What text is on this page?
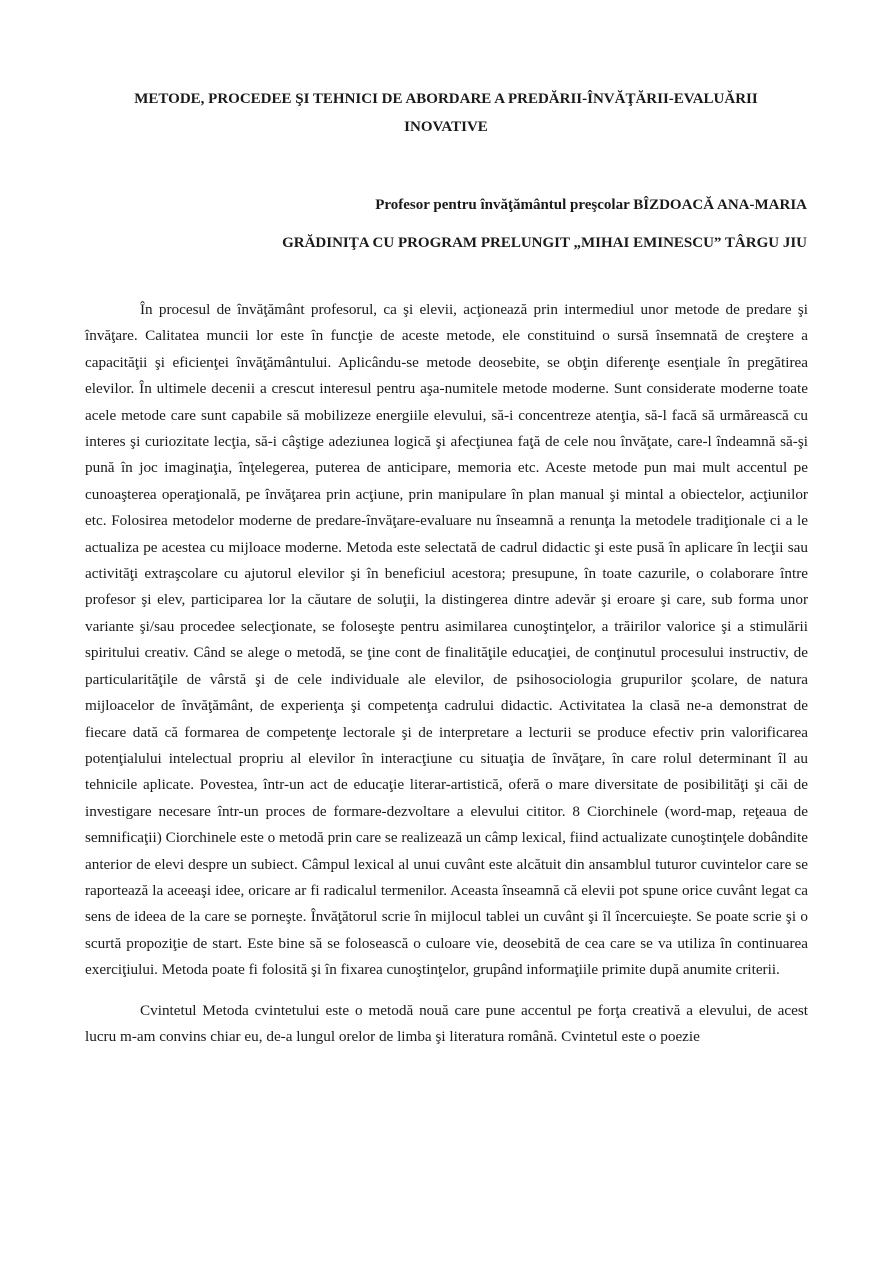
METODE, PROCEDEE ŞI TEHNICI DE ABORDARE A PREDĂRII-ÎNVĂŢĂRII-EVALUĂRII
INOVATIVE
Profesor pentru învăţământul preşcolar BÎZDOACĂ ANA-MARIA
GRĂDINIŢA CU PROGRAM PRELUNGIT „MIHAI EMINESCU” TÂRGU JIU

În procesul de învăţământ profesorul, ca şi elevii, acţionează prin intermediul unor metode de predare şi învăţare. Calitatea muncii lor este în funcţie de aceste metode, ele constituind o sursă însemnată de creştere a capacităţii şi eficienţei învăţământului. Aplicându-se metode deosebite, se obţin diferenţe esenţiale în pregătirea elevilor. În ultimele decenii a crescut interesul pentru aşa-numitele metode moderne. Sunt considerate moderne toate acele metode care sunt capabile să mobilizeze energiile elevului, să-i concentreze atenţia, să-l facă să urmărească cu interes şi curiozitate lecţia, să-i câştige adeziunea logică şi afecţiunea faţă de cele nou învăţate, care-l îndeamnă să-şi pună în joc imaginaţia, înţelegerea, puterea de anticipare, memoria etc. Aceste metode pun mai mult accentul pe cunoaşterea operaţională, pe învăţarea prin acţiune, prin manipulare în plan manual şi mintal a obiectelor, acţiunilor etc. Folosirea metodelor moderne de predare-învăţare-evaluare nu înseamnă a renunţa la metodele tradiţionale ci a le actualiza pe acestea cu mijloace moderne. Metoda este selectată de cadrul didactic şi este pusă în aplicare în lecţii sau activităţi extraşcolare cu ajutorul elevilor şi în beneficiul acestora; presupune, în toate cazurile, o colaborare între profesor şi elev, participarea lor la căutare de soluţii, la distingerea dintre adevăr şi eroare şi care, sub forma unor variante şi/sau procedee selecţionate, se foloseşte pentru asimilarea cunoştinţelor, a trăirilor valorice şi a stimulării spiritului creativ. Când se alege o metodă, se ţine cont de finalităţile educaţiei, de conţinutul procesului instructiv, de particularităţile de vârstă şi de cele individuale ale elevilor, de psihosociologia grupurilor şcolare, de natura mijloacelor de învăţământ, de experienţa şi competenţa cadrului didactic. Activitatea la clasă ne-a demonstrat de fiecare dată că formarea de competenţe lectorale şi de interpretare a lecturii se produce efectiv prin valorificarea potenţialului intelectual propriu al elevilor în interacţiune cu situaţia de învăţare, în care rolul determinant îl au tehnicile aplicate. Povestea, într-un act de educaţie literar-artistică, oferă o mare diversitate de posibilităţi şi căi de investigare necesare într-un proces de formare-dezvoltare a elevului cititor. 8 Ciorchinele (word-map, reţeaua de semnificaţii) Ciorchinele este o metodă prin care se realizează un câmp lexical, fiind actualizate cunoştinţele dobândite anterior de elevi despre un subiect. Câmpul lexical al unui cuvânt este alcătuit din ansamblul tuturor cuvintelor care se raportează la aceeaşi idee, oricare ar fi radicalul termenilor. Aceasta înseamnă că elevii pot spune orice cuvânt legat ca sens de ideea de la care se porneşte. Învăţătorul scrie în mijlocul tablei un cuvânt şi îl încercuieşte. Se poate scrie şi o scurtă propoziţie de start. Este bine să se folosească o culoare vie, deosebită de cea care se va utiliza în continuarea exerciţiului. Metoda poate fi folosită şi în fixarea cunoştinţelor, grupând informaţiile primite după anumite criterii.

Cvintetul Metoda cvintetului este o metodă nouă care pune accentul pe forţa creativă a elevului, de acest lucru m-am convins chiar eu, de-a lungul orelor de limba şi literatura română. Cvintetul este o poezie
